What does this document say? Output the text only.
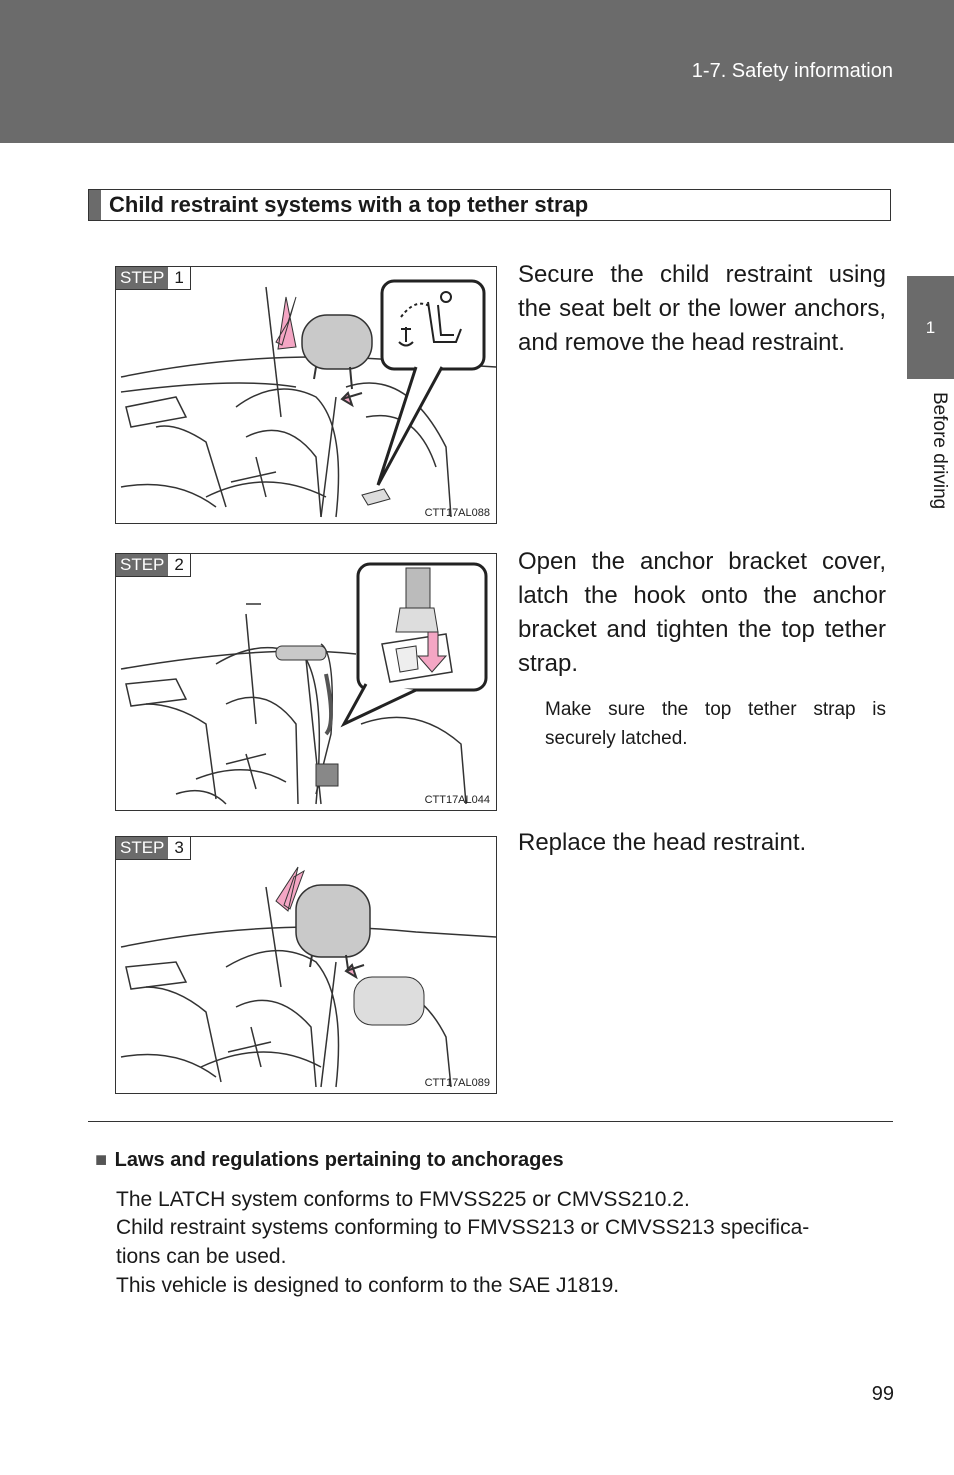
1-7. Safety information
1
Before driving
Child restraint systems with a top tether strap
STEP 1
CTT17AL088

Secure the child restraint using the seat belt or the lower anchors, and remove the head restraint.

STEP 2
CTT17AL044

Open the anchor bracket cover, latch the hook onto the anchor bracket and tighten the top tether strap.

Make sure the top tether strap is securely latched.

STEP 3
CTT17AL089

Replace the head restraint.

■ Laws and regulations pertaining to anchorages

The LATCH system conforms to FMVSS225 or CMVSS210.2.

Child restraint systems conforming to FMVSS213 or CMVSS213 specifica-

tions can be used.

This vehicle is designed to conform to the SAE J1819.

99
